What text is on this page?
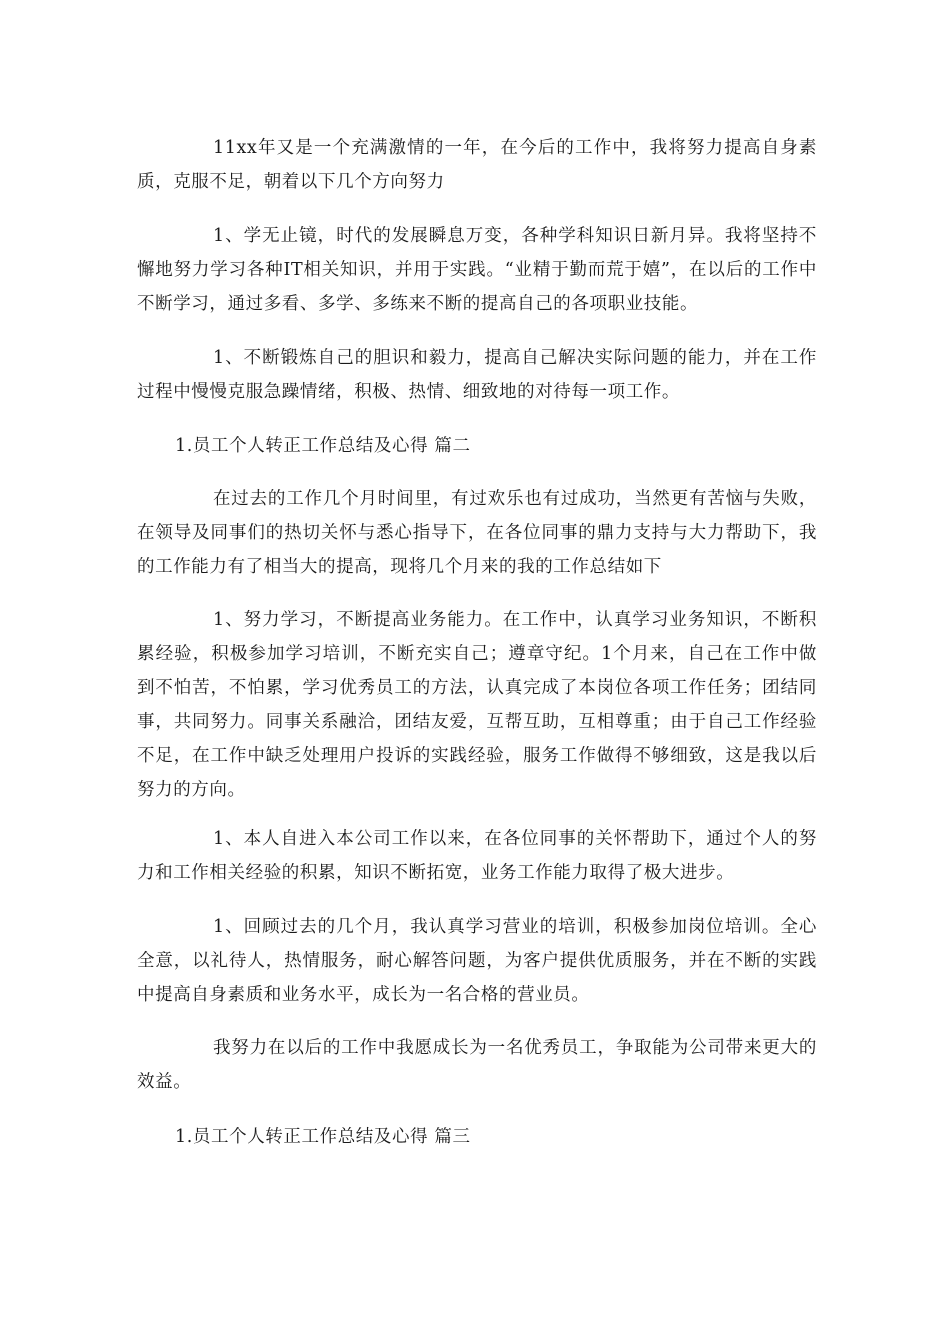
11xx年又是一个充满激情的一年，在今后的工作中，我将努力提高自身素质，克服不足，朝着以下几个方向努力

1、学无止镜，时代的发展瞬息万变，各种学科知识日新月异。我将坚持不懈地努力学习各种IT相关知识，并用于实践。“业精于勤而荒于嬉”，在以后的工作中不断学习，通过多看、多学、多练来不断的提高自己的各项职业技能。

1、不断锻炼自己的胆识和毅力，提高自己解决实际问题的能力，并在工作过程中慢慢克服急躁情绪，积极、热情、细致地的对待每一项工作。

1.员工个人转正工作总结及心得 篇二

在过去的工作几个月时间里，有过欢乐也有过成功，当然更有苦恼与失败，在领导及同事们的热切关怀与悉心指导下，在各位同事的鼎力支持与大力帮助下，我的工作能力有了相当大的提高，现将几个月来的我的工作总结如下

1、努力学习，不断提高业务能力。在工作中，认真学习业务知识，不断积累经验，积极参加学习培训，不断充实自己；遵章守纪。1个月来，自己在工作中做到不怕苦，不怕累，学习优秀员工的方法，认真完成了本岗位各项工作任务；团结同事，共同努力。同事关系融洽，团结友爱，互帮互助，互相尊重；由于自己工作经验不足，在工作中缺乏处理用户投诉的实践经验，服务工作做得不够细致，这是我以后努力的方向。

1、本人自进入本公司工作以来，在各位同事的关怀帮助下，通过个人的努力和工作相关经验的积累，知识不断拓宽，业务工作能力取得了极大进步。

1、回顾过去的几个月，我认真学习营业的培训，积极参加岗位培训。全心全意，以礼待人，热情服务，耐心解答问题，为客户提供优质服务，并在不断的实践中提高自身素质和业务水平，成长为一名合格的营业员。

我努力在以后的工作中我愿成长为一名优秀员工，争取能为公司带来更大的效益。

1.员工个人转正工作总结及心得 篇三
